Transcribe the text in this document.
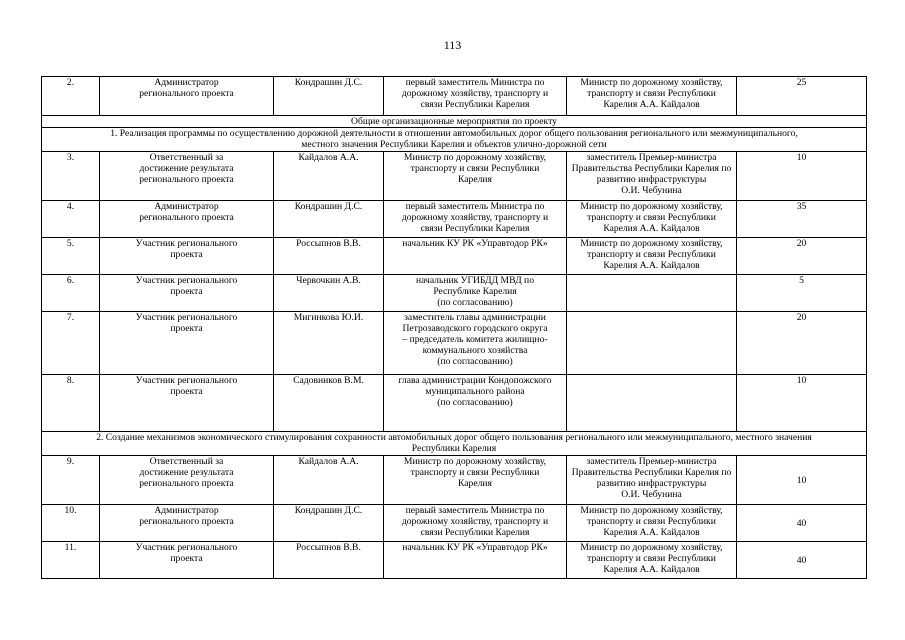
113
2.	Администратор
регионального проекта	Кондрашин Д.С.	первый заместитель Министра по
дорожному хозяйству, транспорту и
связи Республики Карелия	Министр по дорожному хозяйству,
транспорту и связи Республики
Карелия А.А. Кайдалов	25
Общие организационные мероприятия по проекту					
1. Реализация программы по осуществлению дорожной деятельности в отношении автомобильных дорог общего пользования регионального или межмуниципального,
местного значения Республики Карелия и объектов улично-дорожной сети					
3.	Ответственный за
достижение результата
регионального проекта	Кайдалов А.А.	Министр по дорожному хозяйству,
транспорту и связи Республики
Карелия	заместитель Премьер-министра
Правительства Республики Карелия по
развитию инфраструктуры
О.И. Чебунина	10
4.	Администратор
регионального проекта	Кондрашин Д.С.	первый заместитель Министра по
дорожному хозяйству, транспорту и
связи Республики Карелия	Министр по дорожному хозяйству,
транспорту и связи Республики
Карелия А.А. Кайдалов	35
5.	Участник регионального
проекта	Россыпнов В.В.	начальник КУ РК «Управтодор РК»	Министр по дорожному хозяйству,
транспорту и связи Республики
Карелия А.А. Кайдалов	20
6.	Участник регионального
проекта	Червочкин А.В.	начальник УГИБДД МВД по
Республике Карелия
(по согласованию)		5
7.	Участник регионального
проекта	Мигинкова Ю.И.	заместитель главы администрации
Петрозаводского городского округа
– председатель комитета жилищно-
коммунального хозяйства
(по согласованию)		20
8.	Участник регионального
проекта	Садовников В.М.	глава администрации Кондопожского
муниципального района
(по согласованию)		10
2. Создание механизмов экономического стимулирования сохранности автомобильных дорог общего пользования регионального или межмуниципального, местного значения
Республики Карелия					
9.	Ответственный за
достижение результата
регионального проекта	Кайдалов А.А.	Министр по дорожному хозяйству,
транспорту и связи Республики
Карелия	заместитель Премьер-министра
Правительства Республики Карелия по
развитию инфраструктуры
О.И. Чебунина	10
10.	Администратор
регионального проекта	Кондрашин Д.С.	первый заместитель Министра по
дорожному хозяйству, транспорту и
связи Республики Карелия	Министр по дорожному хозяйству,
транспорту и связи Республики
Карелия А.А. Кайдалов	40
11.	Участник регионального
проекта	Россыпнов В.В.	начальник КУ РК «Управтодор РК»	Министр по дорожному хозяйству,
транспорту и связи Республики
Карелия А.А. Кайдалов	40
